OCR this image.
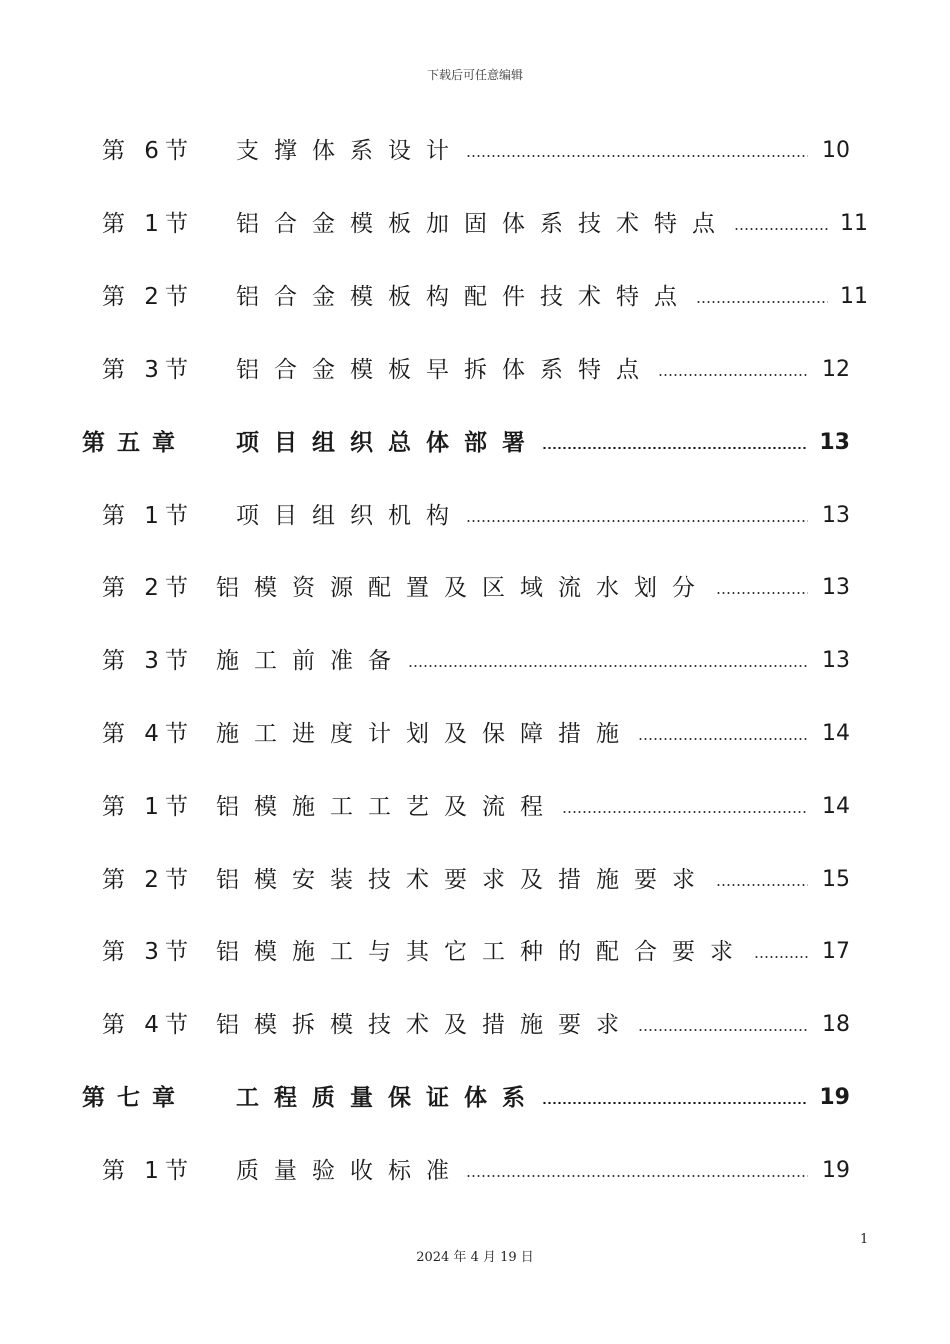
下载后可任意编辑
第 6节 支撑体系设计	10
第 1节 铝合金模板加固体系技术特点	11
第 2节 铝合金模板构配件技术特点	11
第 3节 铝合金模板早拆体系特点	12
第五章 项目组织总体部署	13
第 1节 项目组织机构	13
第 2节 铝模资源配置及区域流水划分	13
第 3节 施工前准备	13
第 4节 施工进度计划及保障措施	14
第 1节 铝模施工工艺及流程	14
第 2节 铝模安装技术要求及措施要求	15
第 3节 铝模施工与其它工种的配合要求	17
第 4节 铝模拆模技术及措施要求	18
第七章 工程质量保证体系	19
第 1节 质量验收标准	19
1
2024 年 4 月 19 日
